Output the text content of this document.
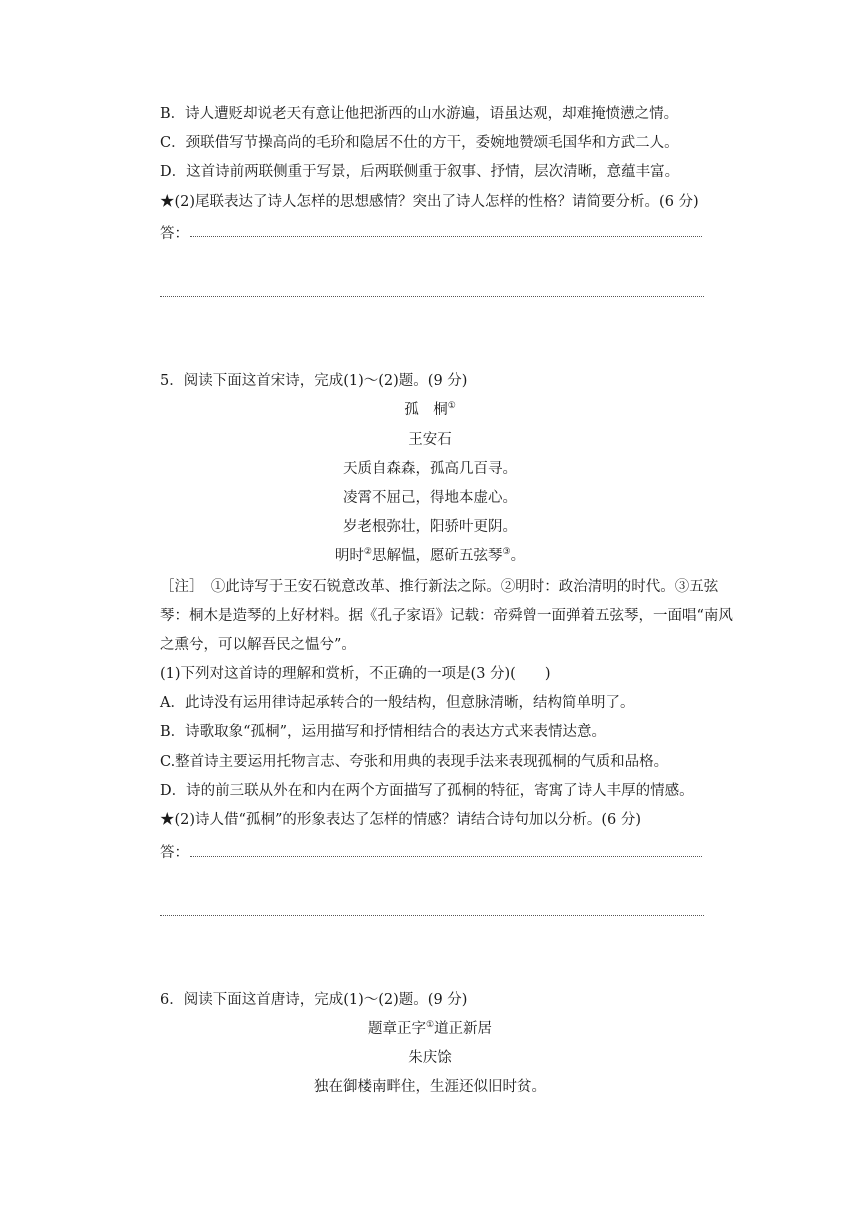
B．诗人遭贬却说老天有意让他把浙西的山水游遍，语虽达观，却难掩愤懑之情。
C．颈联借写节操高尚的毛玠和隐居不仕的方干，委婉地赞颂毛国华和方武二人。
D．这首诗前两联侧重于写景，后两联侧重于叙事、抒情，层次清晰，意蕴丰富。
★(2)尾联表达了诗人怎样的思想感情？突出了诗人怎样的性格？请简要分析。(6 分)
答：
5．阅读下面这首宋诗，完成(1)～(2)题。(9 分)
孤　桐①
王安石
天质自森森，孤高几百寻。
凌霄不屈己，得地本虚心。
岁老根弥壮，阳骄叶更阴。
明时②思解愠，愿斫五弦琴③。
［注］　①此诗写于王安石锐意改革、推行新法之际。②明时：政治清明的时代。③五弦
琴：桐木是造琴的上好材料。据《孔子家语》记载：帝舜曾一面弹着五弦琴，一面唱“南风
之熏兮，可以解吾民之愠兮”。
(1)下列对这首诗的理解和赏析，不正确的一项是(3 分)(　　)
A．此诗没有运用律诗起承转合的一般结构，但意脉清晰，结构简单明了。
B．诗歌取象“孤桐”，运用描写和抒情相结合的表达方式来表情达意。
C.整首诗主要运用托物言志、夸张和用典的表现手法来表现孤桐的气质和品格。
D．诗的前三联从外在和内在两个方面描写了孤桐的特征，寄寓了诗人丰厚的情感。
★(2)诗人借“孤桐”的形象表达了怎样的情感？请结合诗句加以分析。(6 分)
答：
6．阅读下面这首唐诗，完成(1)～(2)题。(9 分)
题章正字①道正新居
朱庆馀
独在御楼南畔住，生涯还似旧时贫。
